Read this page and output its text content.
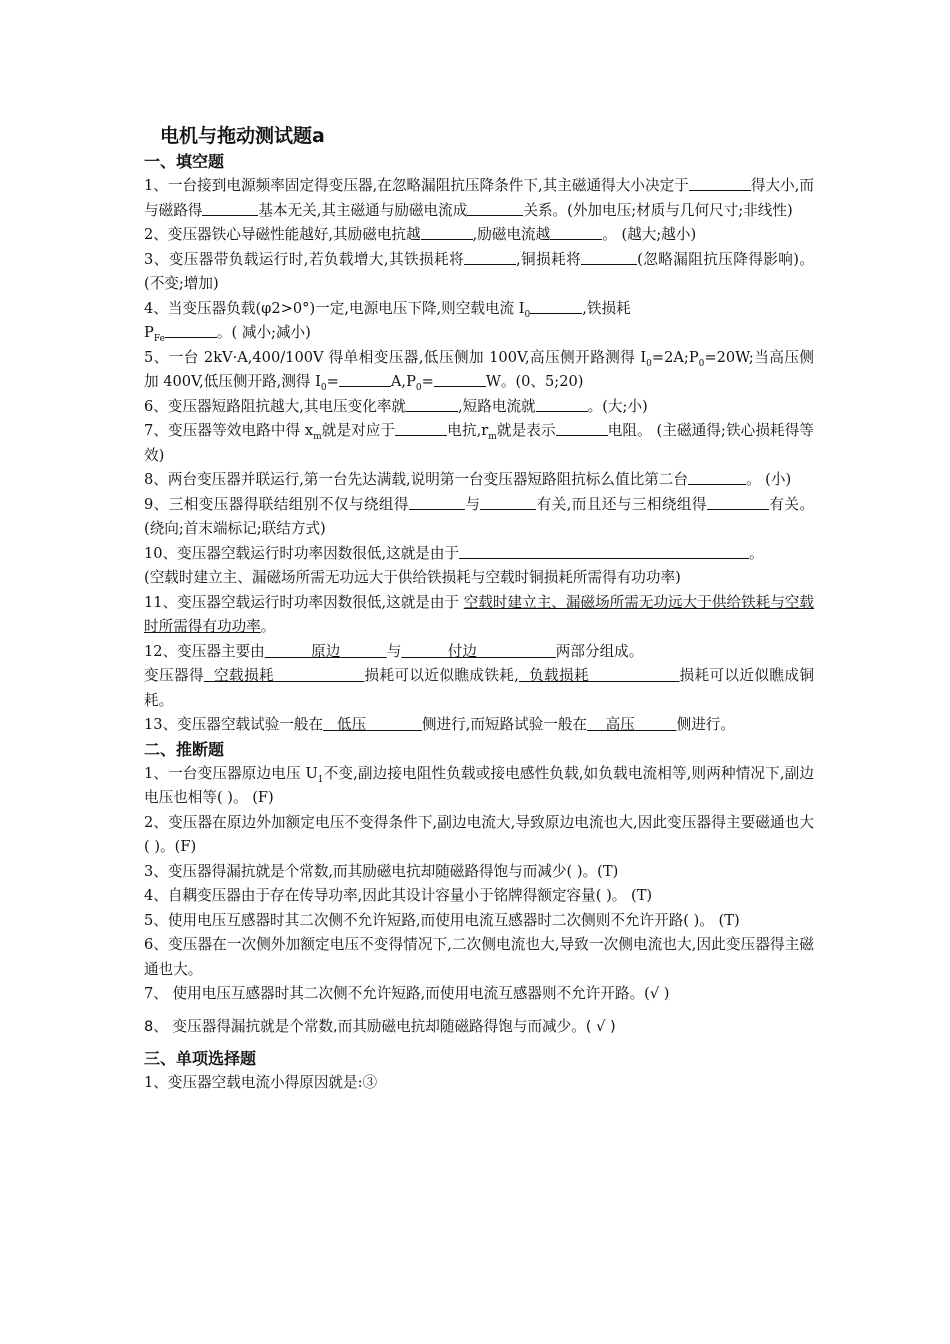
电机与拖动测试题a
一、填空题
1、一台接到电源频率固定得变压器,在忽略漏阻抗压降条件下,其主磁通得大小决定于	得大小,而与磁路得	基本无关,其主磁通与励磁电流成	关系。(外加电压;材质与几何尺寸;非线性)
2、变压器铁心导磁性能越好,其励磁电抗越	,励磁电流越	。 (越大;越小)
3、变压器带负载运行时,若负载增大,其铁损耗将	,铜损耗将	(忽略漏阻抗压降得影响)。 (不变;增加)
4、当变压器负载(φ2>0°)一定,电源电压下降,则空载电流 $I_0$	,铁损耗
$P_{Fe}$	。( 减小;减小)
5、一台 2kV·A,400/100V 得单相变压器,低压侧加 100V,高压侧开路测得 $I_0=2A;P_0=20W$;当高压侧加 400V,低压侧开路,测得 $I_0=$	$A,P_0=$	W。(0、5;20)
6、变压器短路阻抗越大,其电压变化率就	,短路电流就	。(大;小)
7、变压器等效电路中得 $x_m$就是对应于	电抗$,r_m$就是表示	电阻。 (主磁通得;铁心损耗得等效)
8、两台变压器并联运行,第一台先达满载,说明第一台变压器短路阻抗标么值比第二台	。 (小)
9、三相变压器得联结组别不仅与绕组得	与	有关,而且还与三相绕组得	有关。 (绕向;首末端标记;联结方式)
10、变压器空载运行时功率因数很低,这就是由于	。
(空载时建立主、漏磁场所需无功远大于供给铁损耗与空载时铜损耗所需得有功功率)
11、变压器空载运行时功率因数很低,这就是由于 空载时建立主、漏磁场所需无功远大于供给铁耗与空载时所需得有功功率。
12、变压器主要由	原边	与	付边	两部分组成。
变压器得 空载损耗	损耗可以近似瞧成铁耗, 负载损耗	损耗可以近似瞧成铜耗。
13、变压器空载试验一般在 低压	侧进行,而短路试验一般在 高压	侧进行。
二、推断题
1、一台变压器原边电压 $U_1$不变,副边接电阻性负载或接电感性负载,如负载电流相等,则两种情况下,副边电压也相等( )。 (F)
2、变压器在原边外加额定电压不变得条件下,副边电流大,导致原边电流也大,因此变压器得主要磁通也大( )。(F)
3、变压器得漏抗就是个常数,而其励磁电抗却随磁路得饱与而减少( )。(T)
4、自耦变压器由于存在传导功率,因此其设计容量小于铭牌得额定容量( )。 (T)
5、使用电压互感器时其二次侧不允许短路,而使用电流互感器时二次侧则不允许开路( )。 (T)
6、变压器在一次侧外加额定电压不变得情况下,二次侧电流也大,导致一次侧电流也大,因此变压器得主磁通也大。
7、 使用电压互感器时其二次侧不允许短路,而使用电流互感器则不允许开路。(√ )
8、 变压器得漏抗就是个常数,而其励磁电抗却随磁路得饱与而减少。( √ )
三、单项选择题
1、变压器空载电流小得原因就是:③
